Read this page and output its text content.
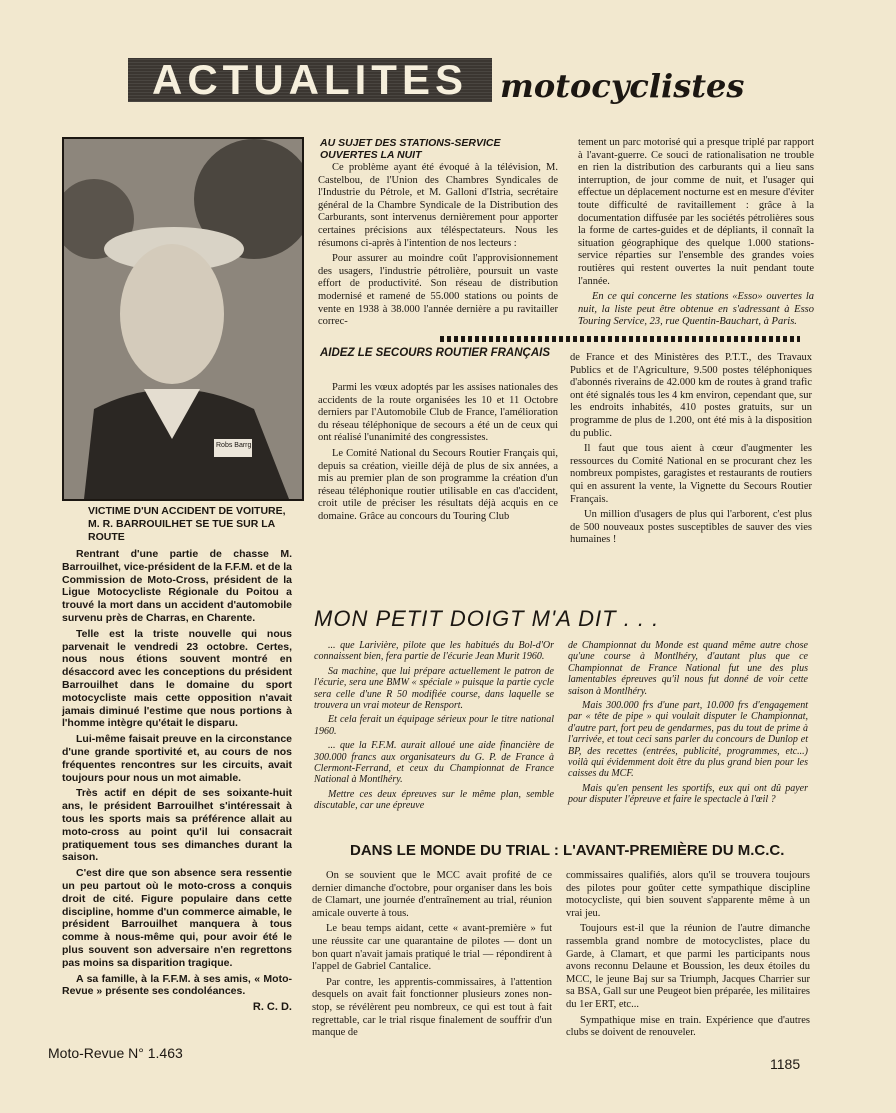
ACTUALITES	motocyclistes
Robs Barrg
VICTIME D'UN ACCIDENT DE VOITURE, M. R. BARROUILHET SE TUE SUR LA ROUTE

Rentrant d'une partie de chasse M. Barrouilhet, vice-président de la F.F.M. et de la Commission de Moto-Cross, président de la Ligue Motocycliste Régionale du Poitou a trouvé la mort dans un accident d'automobile survenu près de Charras, en Charente.

Telle est la triste nouvelle qui nous parvenait le vendredi 23 octobre. Certes, nous nous étions souvent montré en désaccord avec les conceptions du président Barrouilhet dans le domaine du sport motocycliste mais cette opposition n'avait jamais diminué l'estime que nous portions à l'homme intègre qu'était le disparu.

Lui-même faisait preuve en la circonstance d'une grande sportivité et, au cours de nos fréquentes rencontres sur les circuits, avait toujours pour nous un mot aimable.

Très actif en dépit de ses soixante-huit ans, le président Barrouilhet s'intéressait à tous les sports mais sa préférence allait au moto-cross au point qu'il lui consacrait pratiquement tous ses dimanches durant la saison.

C'est dire que son absence sera ressentie un peu partout où le moto-cross a conquis droit de cité. Figure populaire dans cette discipline, homme d'un commerce aimable, le président Barrouilhet manquera à tous comme à nous-même qui, pour avoir été le plus souvent son adversaire n'en regrettons pas moins sa disparition tragique.

A sa famille, à la F.F.M. à ses amis, « Moto-Revue » présente ses condoléances.

R. C. D.
AU SUJET DES STATIONS-SERVICE OUVERTES LA NUIT

Ce problème ayant été évoqué à la télévision, M. Castelbou, de l'Union des Chambres Syndicales de l'Industrie du Pétrole, et M. Galloni d'Istria, secrétaire général de la Chambre Syndicale de la Distribution des Carburants, sont intervenus dernièrement pour apporter certaines précisions aux téléspectateurs. Nous les résumons ci-après à l'intention de nos lecteurs :

Pour assurer au moindre coût l'approvisionnement des usagers, l'industrie pétrolière, poursuit un vaste effort de productivité. Son réseau de distribution modernisé et ramené de 55.000 stations ou points de vente en 1938 à 38.000 l'année dernière a pu ravitailler correc-

tement un parc motorisé qui a presque triplé par rapport à l'avant-guerre. Ce souci de rationalisation ne trouble en rien la distribution des carburants qui a lieu sans interruption, de jour comme de nuit, et l'usager qui effectue un déplacement nocturne est en mesure d'éviter toute difficulté de ravitaillement : grâce à la documentation diffusée par les sociétés pétrolières sous la forme de cartes-guides et de dépliants, il connaît la situation géographique des quelque 1.000 stations-service réparties sur l'ensemble des grandes voies routières qui restent ouvertes la nuit pendant toute l'année.

En ce qui concerne les stations «Esso» ouvertes la nuit, la liste peut être obtenue en s'adressant à Esso Touring Service, 23, rue Quentin-Bauchart, à Paris.

AIDEZ LE SECOURS ROUTIER FRANÇAIS

Parmi les vœux adoptés par les assises nationales des accidents de la route organisées les 10 et 11 Octobre derniers par l'Automobile Club de France, l'amélioration du réseau téléphonique de secours a été un de ceux qui ont réalisé l'unanimité des congressistes.

Le Comité National du Secours Routier Français qui, depuis sa création, vieille déjà de plus de six années, a mis au premier plan de son programme la création d'un réseau téléphonique routier utilisable en cas d'accident, croit utile de préciser les résultats déjà acquis en ce domaine. Grâce au concours du Touring Club

de France et des Ministères des P.T.T., des Travaux Publics et de l'Agriculture, 9.500 postes téléphoniques d'abonnés riverains de 42.000 km de routes à grand trafic ont été signalés tous les 4 km environ, cependant que, sur les endroits inhabités, 410 postes gratuits, sur un programme de plus de 1.200, ont été mis à la disposition du public.

Il faut que tous aient à cœur d'augmenter les ressources du Comité National en se procurant chez les nombreux pompistes, garagistes et restaurants de routiers qui en assurent la vente, la Vignette du Secours Routier Français.

Un million d'usagers de plus qui l'arborent, c'est plus de 500 nouveaux postes susceptibles de sauver des vies humaines !

MON PETIT DOIGT M'A DIT . . .

... que Larivière, pilote que les habitués du Bol-d'Or connaissent bien, fera partie de l'écurie Jean Murit 1960.

Sa machine, que lui prépare actuellement le patron de l'écurie, sera une BMW « spéciale » puisque la partie cycle sera celle d'une R 50 modifiée course, dans laquelle se trouvera un vrai moteur de Rensport.

Et cela ferait un équipage sérieux pour le titre national 1960.

... que la F.F.M. aurait alloué une aide financière de 300.000 francs aux organisateurs du G. P. de France à Clermont-Ferrand, et ceux du Championnat de France National à Montlhéry.

Mettre ces deux épreuves sur le même plan, semble discutable, car une épreuve

de Championnat du Monde est quand même autre chose qu'une course à Montlhéry, d'autant plus que ce Championnat de France National fut une des plus lamentables épreuves qu'il nous fut donné de voir cette saison à Montlhéry.

Mais 300.000 frs d'une part, 10.000 frs d'engagement par « tête de pipe » qui voulait disputer le Championnat, d'autre part, fort peu de gendarmes, pas du tout de prime à l'arrivée, et tout ceci sans parler du concours de Dunlop et BP, des recettes (entrées, publicité, programmes, etc...) voilà qui évidemment doit être du plus grand bien pour les caisses du MCF.

Mais qu'en pensent les sportifs, eux qui ont dû payer pour disputer l'épreuve et faire le spectacle à l'œil ?

DANS LE MONDE DU TRIAL : L'AVANT-PREMIÈRE DU M.C.C.

On se souvient que le MCC avait profité de ce dernier dimanche d'octobre, pour organiser dans les bois de Clamart, une journée d'entraînement au trial, réunion amicale ouverte à tous.

Le beau temps aidant, cette « avant-première » fut une réussite car une quarantaine de pilotes — dont un bon quart n'avait jamais pratiqué le trial — répondirent à l'appel de Gabriel Cantalice.

Par contre, les apprentis-commissaires, à l'attention desquels on avait fait fonctionner plusieurs zones non-stop, se révélèrent peu nombreux, ce qui est tout à fait regrettable, car le trial risque finalement de souffrir d'un manque de

commissaires qualifiés, alors qu'il se trouvera toujours des pilotes pour goûter cette sympathique discipline motocycliste, qui bien souvent s'apparente même à un vrai jeu.

Toujours est-il que la réunion de l'autre dimanche rassembla grand nombre de motocyclistes, place du Garde, à Clamart, et que parmi les participants nous avons reconnu Delaune et Boussion, les deux étoiles du MCC, le jeune Baj sur sa Triumph, Jacques Charrier sur sa BSA, Gall sur une Peugeot bien préparée, les militaires du 1er ERT, etc...

Sympathique mise en train. Expérience que d'autres clubs se doivent de renouveler.

Moto-Revue N° 1.463
1185
